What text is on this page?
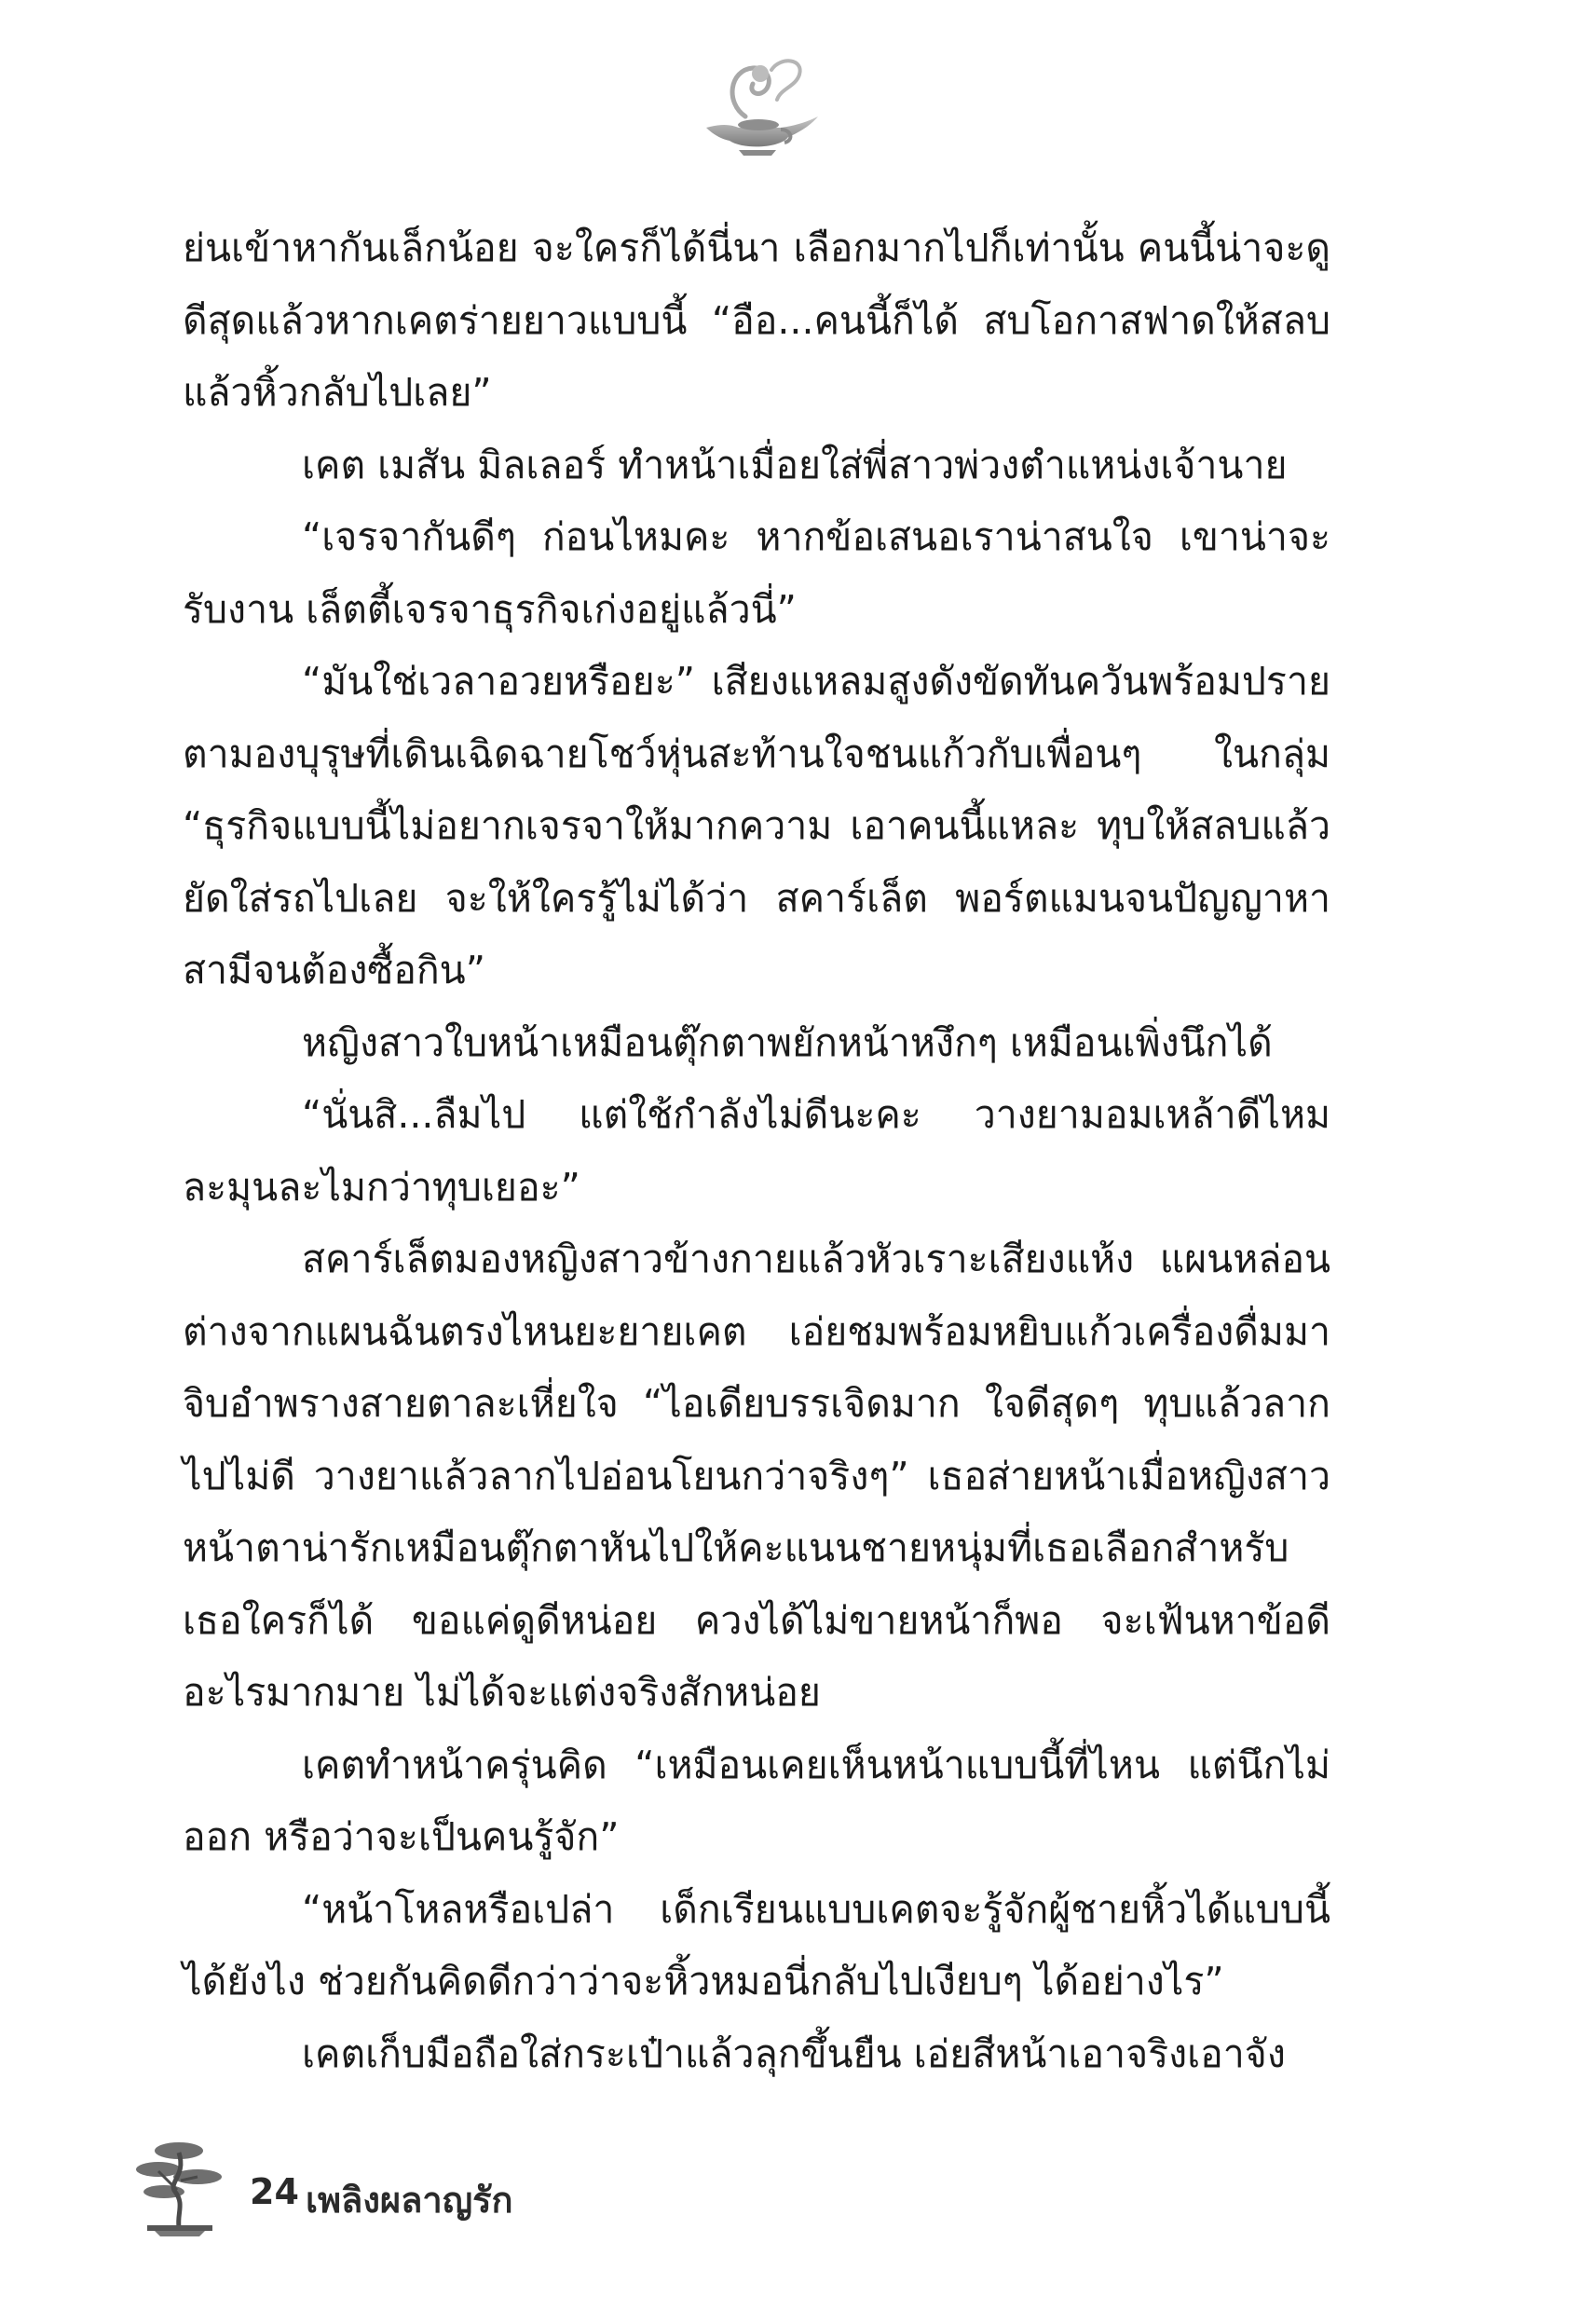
ย่นเข้าหากันเล็กน้อย จะใครก็ได้นี่นา เลือกมากไปก็เท่านั้น คนนี้น่าจะดูดีสุดแล้วหากเคตร่ายยาวแบบนี้ “อือ...คนนี้ก็ได้ สบโอกาสฟาดให้สลบแล้วหิ้วกลับไปเลย”

เคต เมสัน มิลเลอร์ ทำหน้าเมื่อยใส่พี่สาวพ่วงตำแหน่งเจ้านาย

“เจรจากันดีๆ ก่อนไหมคะ หากข้อเสนอเราน่าสนใจ เขาน่าจะรับงาน เล็ตตี้เจรจาธุรกิจเก่งอยู่แล้วนี่”

“มันใช่เวลาอวยหรือยะ” เสียงแหลมสูงดังขัดทันควันพร้อมปรายตามองบุรุษที่เดินเฉิดฉายโชว์หุ่นสะท้านใจชนแก้วกับเพื่อนๆ ในกลุ่ม “ธุรกิจแบบนี้ไม่อยากเจรจาให้มากความ เอาคนนี้แหละ ทุบให้สลบแล้วยัดใส่รถไปเลย จะให้ใครรู้ไม่ได้ว่า สคาร์เล็ต พอร์ตแมนจนปัญญาหาสามีจนต้องซื้อกิน”

หญิงสาวใบหน้าเหมือนตุ๊กตาพยักหน้าหงึกๆ เหมือนเพิ่งนึกได้

“นั่นสิ...ลืมไป แต่ใช้กำลังไม่ดีนะคะ วางยามอมเหล้าดีไหมละมุนละไมกว่าทุบเยอะ”

สคาร์เล็ตมองหญิงสาวข้างกายแล้วหัวเราะเสียงแห้ง แผนหล่อนต่างจากแผนฉันตรงไหนยะยายเคต เอ่ยชมพร้อมหยิบแก้วเครื่องดื่มมาจิบอำพรางสายตาละเหี่ยใจ “ไอเดียบรรเจิดมาก ใจดีสุดๆ ทุบแล้วลากไปไม่ดี วางยาแล้วลากไปอ่อนโยนกว่าจริงๆ” เธอส่ายหน้าเมื่อหญิงสาวหน้าตาน่ารักเหมือนตุ๊กตาหันไปให้คะแนนชายหนุ่มที่เธอเลือกสำหรับเธอใครก็ได้ ขอแค่ดูดีหน่อย ควงได้ไม่ขายหน้าก็พอ จะเฟ้นหาข้อดีอะไรมากมาย ไม่ได้จะแต่งจริงสักหน่อย

เคตทำหน้าครุ่นคิด “เหมือนเคยเห็นหน้าแบบนี้ที่ไหน แต่นึกไม่ออก หรือว่าจะเป็นคนรู้จัก”

“หน้าโหลหรือเปล่า เด็กเรียนแบบเคตจะรู้จักผู้ชายหิ้วได้แบบนี้ได้ยังไง ช่วยกันคิดดีกว่าว่าจะหิ้วหมอนี่กลับไปเงียบๆ ได้อย่างไร”

เคตเก็บมือถือใส่กระเป๋าแล้วลุกขึ้นยืน เอ่ยสีหน้าเอาจริงเอาจัง

24 เพลิงผลาญรัก
